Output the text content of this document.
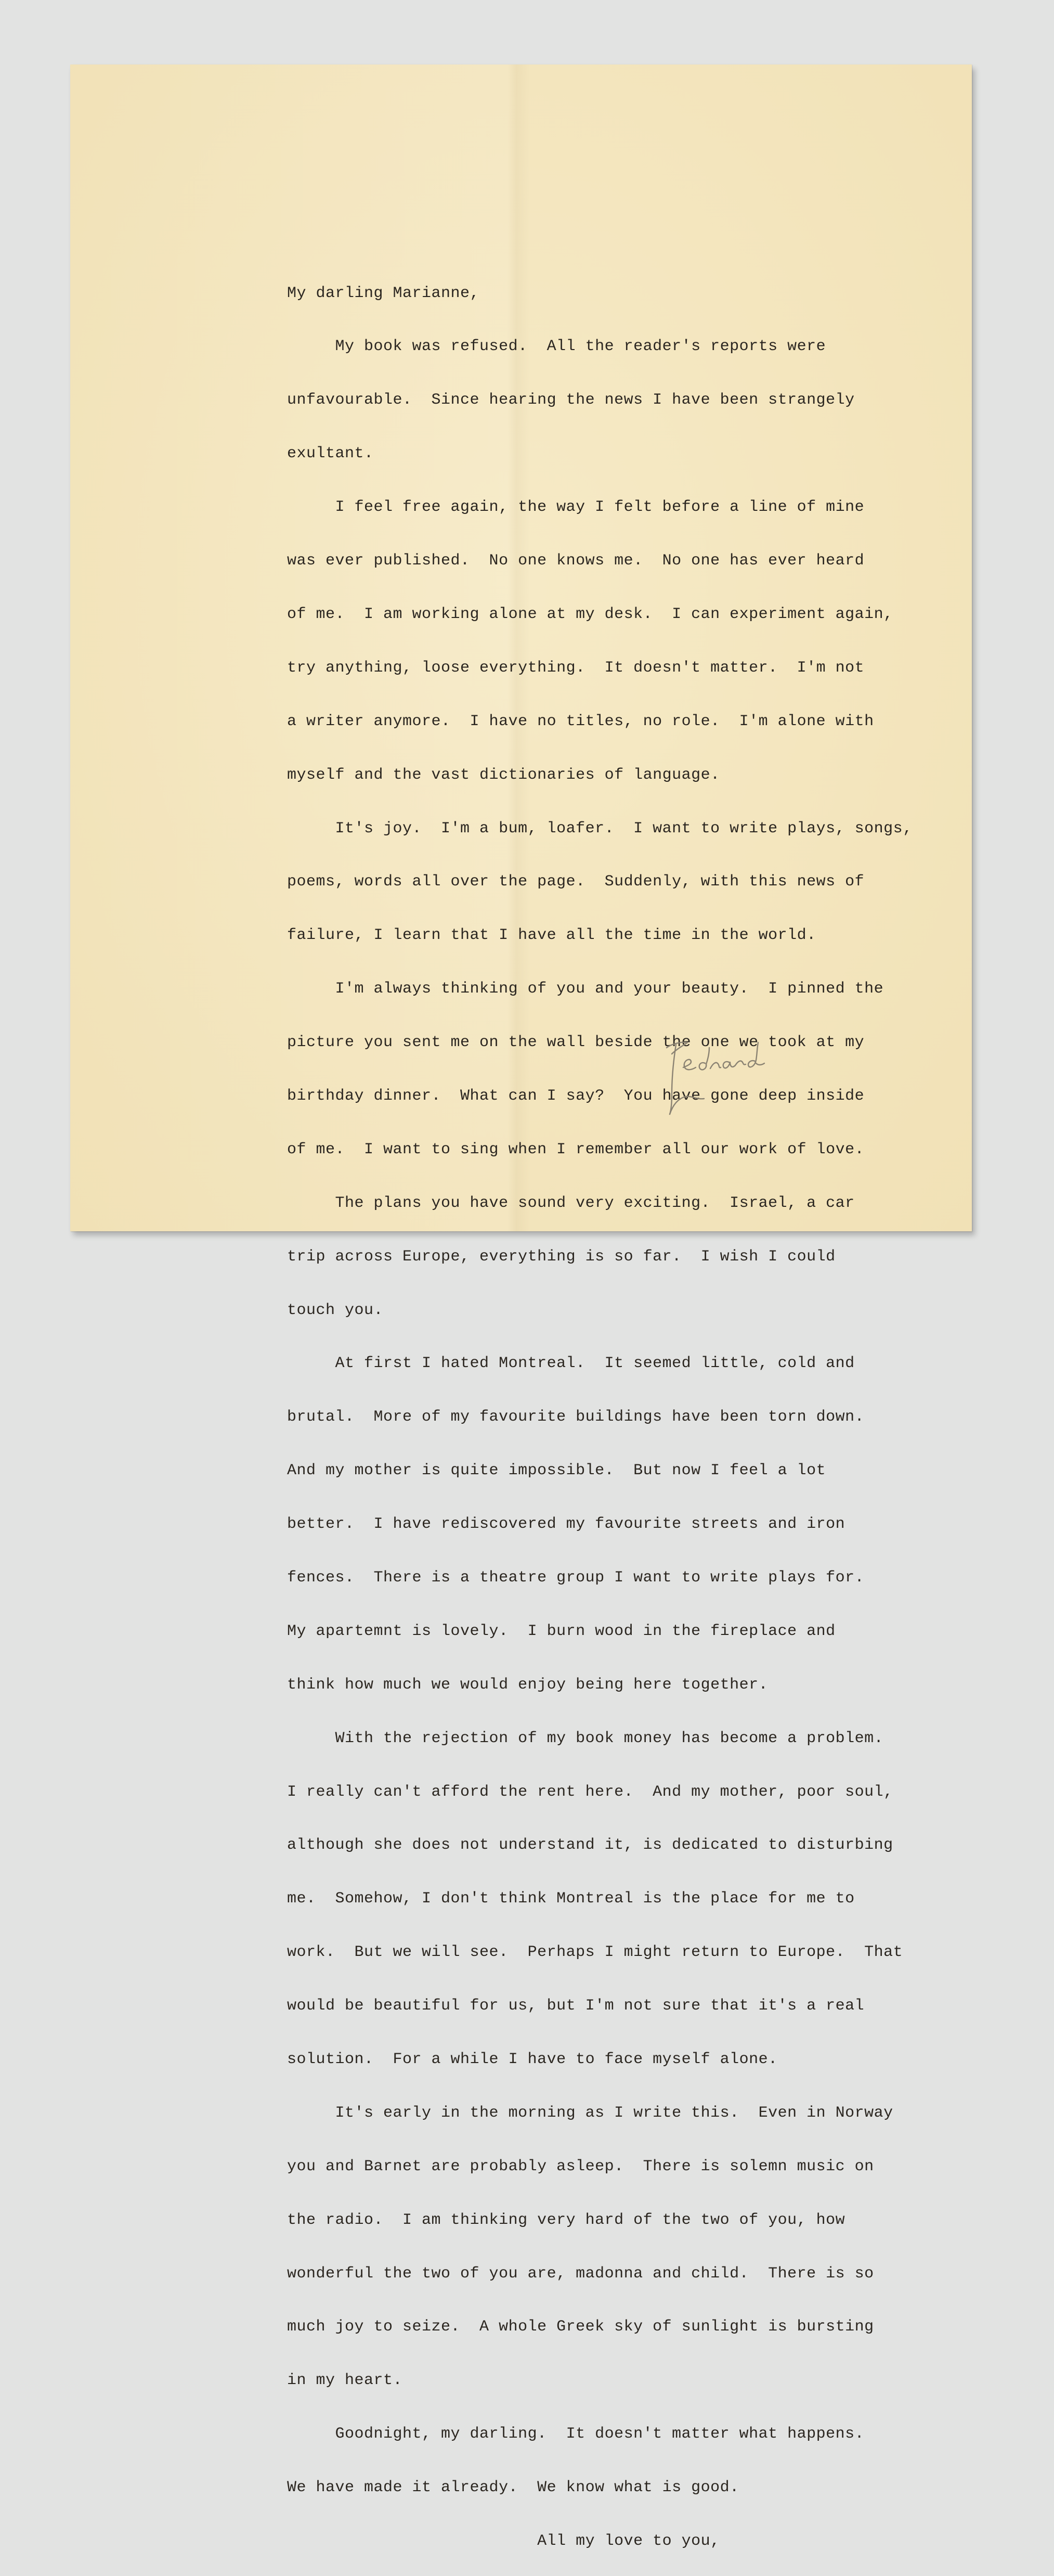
My darling Marianne,

My book was refused.  All the reader's reports were

unfavourable.  Since hearing the news I have been strangely

exultant.

I feel free again, the way I felt before a line of mine

was ever published.  No one knows me.  No one has ever heard

of me.  I am working alone at my desk.  I can experiment again,

try anything, loose everything.  It doesn't matter.  I'm not

a writer anymore.  I have no titles, no role.  I'm alone with

myself and the vast dictionaries of language.

It's joy.  I'm a bum, loafer.  I want to write plays, songs,

poems, words all over the page.  Suddenly, with this news of

failure, I learn that I have all the time in the world.

I'm always thinking of you and your beauty.  I pinned the

picture you sent me on the wall beside the one we took at my

birthday dinner.  What can I say?  You have gone deep inside

of me.  I want to sing when I remember all our work of love.

The plans you have sound very exciting.  Israel, a car

trip across Europe, everything is so far.  I wish I could

touch you.

At first I hated Montreal.  It seemed little, cold and

brutal.  More of my favourite buildings have been torn down.

And my mother is quite impossible.  But now I feel a lot

better.  I have rediscovered my favourite streets and iron

fences.  There is a theatre group I want to write plays for.

My apartemnt is lovely.  I burn wood in the fireplace and

think how much we would enjoy being here together.

With the rejection of my book money has become a problem.

I really can't afford the rent here.  And my mother, poor soul,

although she does not understand it, is dedicated to disturbing

me.  Somehow, I don't think Montreal is the place for me to

work.  But we will see.  Perhaps I might return to Europe.  That

would be beautiful for us, but I'm not sure that it's a real

solution.  For a while I have to face myself alone.

It's early in the morning as I write this.  Even in Norway

you and Barnet are probably asleep.  There is solemn music on

the radio.  I am thinking very hard of the two of you, how

wonderful the two of you are, madonna and child.  There is so

much joy to seize.  A whole Greek sky of sunlight is bursting

in my heart.

Goodnight, my darling.  It doesn't matter what happens.

We have made it already.  We know what is good.

All my love to you,
